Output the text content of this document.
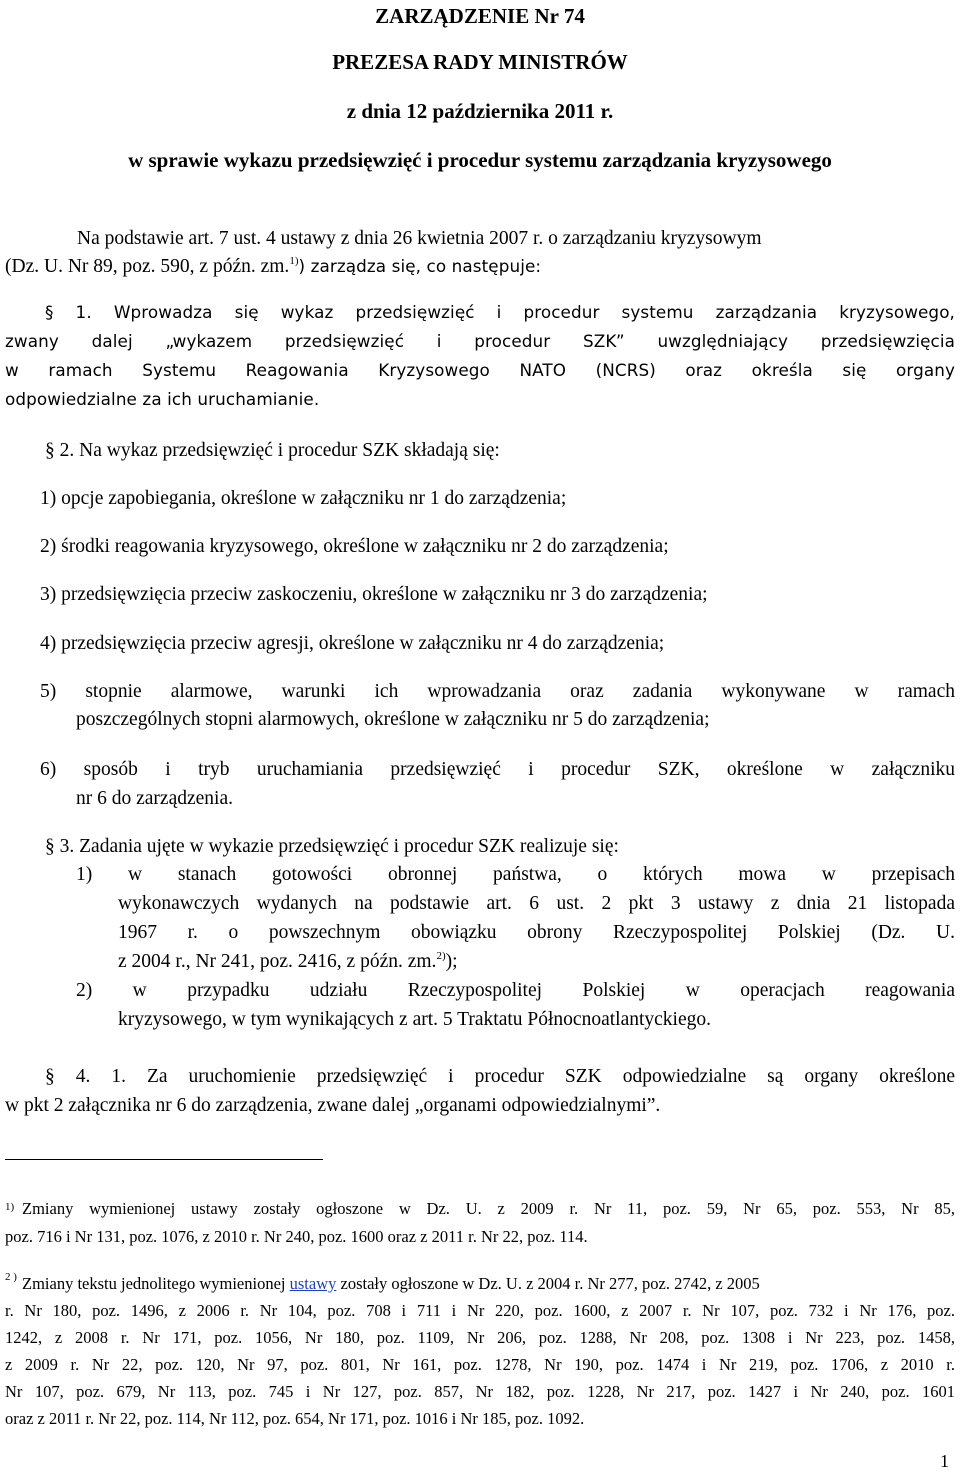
ZARZĄDZENIE Nr 74
PREZESA RADY MINISTRÓW
z dnia 12 października 2011 r.
w sprawie wykazu przedsięwzięć i procedur systemu zarządzania kryzysowego
Na podstawie art. 7 ust. 4 ustawy z dnia 26 kwietnia 2007 r. o zarządzaniu kryzysowym
(Dz. U. Nr 89, poz. 590, z późn. zm.$^{1)}$) zarządza się, co następuje:
§ 1. Wprowadza się wykaz przedsięwzięć i procedur systemu zarządzania kryzysowego,
zwany dalej „wykazem przedsięwzięć i procedur SZK” uwzględniający przedsięwzięcia
w ramach Systemu Reagowania Kryzysowego NATO (NCRS) oraz określa się organy
odpowiedzialne za ich uruchamianie.
§ 2. Na wykaz przedsięwzięć i procedur SZK składają się:
1) opcje zapobiegania, określone w załączniku nr 1 do zarządzenia;
2) środki reagowania kryzysowego, określone w załączniku nr 2 do zarządzenia;
3) przedsięwzięcia przeciw zaskoczeniu, określone w załączniku nr 3 do zarządzenia;
4) przedsięwzięcia przeciw agresji, określone w załączniku nr 4 do zarządzenia;
5) stopnie alarmowe, warunki ich wprowadzania oraz zadania wykonywane w ramach
poszczególnych stopni alarmowych, określone w załączniku nr 5 do zarządzenia;
6) sposób i tryb uruchamiania przedsięwzięć i procedur SZK, określone w załączniku
nr 6 do zarządzenia.
§ 3. Zadania ujęte w wykazie przedsięwzięć i procedur SZK realizuje się:
1) w stanach gotowości obronnej państwa, o których mowa w przepisach
wykonawczych wydanych na podstawie art. 6 ust. 2 pkt 3 ustawy z dnia 21 listopada
1967 r. o powszechnym obowiązku obrony Rzeczypospolitej Polskiej (Dz. U.
z 2004 r., Nr 241, poz. 2416, z późn. zm.$^{2)}$);
2) w przypadku udziału Rzeczypospolitej Polskiej w operacjach reagowania
kryzysowego, w tym wynikających z art. 5 Traktatu Północnoatlantyckiego.
§ 4. 1. Za uruchomienie przedsięwzięć i procedur SZK odpowiedzialne są organy określone
w pkt 2 załącznika nr 6 do zarządzenia, zwane dalej „organami odpowiedzialnymi”.
1) Zmiany wymienionej ustawy zostały ogłoszone w Dz. U. z 2009 r. Nr 11, poz. 59, Nr 65, poz. 553, Nr 85,
poz. 716 i Nr 131, poz. 1076, z 2010 r. Nr 240, poz. 1600 oraz z 2011 r. Nr 22, poz. 114.
2 ) Zmiany tekstu jednolitego wymienionej ustawy zostały ogłoszone w Dz. U. z 2004 r. Nr 277, poz. 2742, z 2005
r. Nr 180, poz. 1496, z 2006 r. Nr 104, poz. 708 i 711 i Nr 220, poz. 1600, z 2007 r. Nr 107, poz. 732 i Nr 176, poz.
1242, z 2008 r. Nr 171, poz. 1056, Nr 180, poz. 1109, Nr 206, poz. 1288, Nr 208, poz. 1308 i Nr 223, poz. 1458,
z 2009 r. Nr 22, poz. 120, Nr 97, poz. 801, Nr 161, poz. 1278, Nr 190, poz. 1474 i Nr 219, poz. 1706, z 2010 r.
Nr 107, poz. 679, Nr 113, poz. 745 i Nr 127, poz. 857, Nr 182, poz. 1228, Nr 217, poz. 1427 i Nr 240, poz. 1601
oraz z 2011 r. Nr 22, poz. 114, Nr 112, poz. 654, Nr 171, poz. 1016 i Nr 185, poz. 1092.
1
